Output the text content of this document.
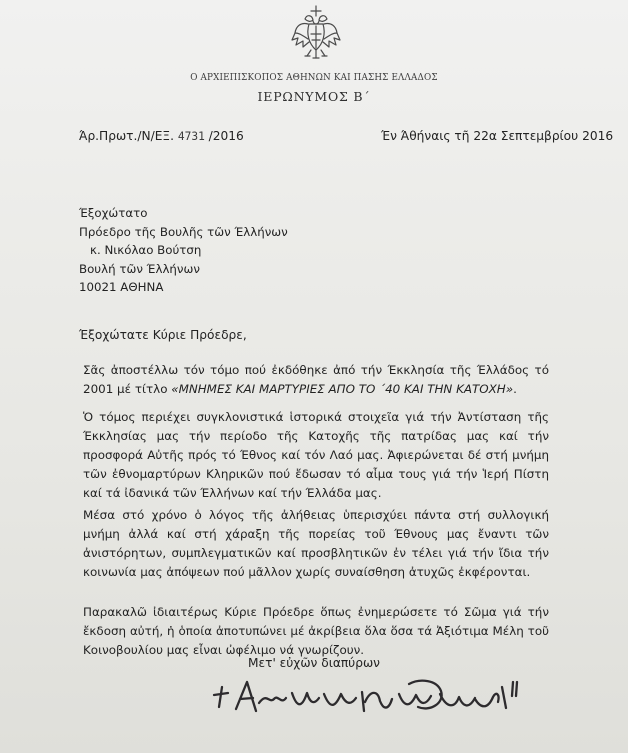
Ο ΑΡΧΙΕΠΙΣΚΟΠΟΣ ΑΘΗΝΩΝ ΚΑΙ ΠΑΣΗΣ ΕΛΛΑΔΟΣ
ΙΕΡΩΝΥΜΟΣ Β΄
Άρ.Πρωτ./Ν/ΕΞ. 4731 /2016	Έν Άθήναις τῆ 22α Σεπτεμβρίου 2016
Έξοχώτατο
Πρόεδρο τῆς Βουλῆς τῶν Έλλήνων
κ. Νικόλαο Βούτση
Βουλή τῶν Έλλήνων
10021 ΑΘΗΝΑ
Έξοχώτατε Κύριε Πρόεδρε,
Σᾶς ἀποστέλλω τόν τόμο πού ἐκδόθηκε ἀπό τήν Έκκλησία τῆς Έλλάδος τό 2001 μέ τίτλο «ΜΝΗΜΕΣ ΚΑΙ ΜΑΡΤΥΡΙΕΣ ΑΠΟ ΤΟ ΄40 ΚΑΙ ΤΗΝ ΚΑΤΟΧΗ».
Ὁ τόμος περιέχει συγκλονιστικά ἱστορικά στοιχεῖα γιά τήν Ἀντίσταση τῆς Έκκλησίας μας τήν περίοδο τῆς Κατοχῆς τῆς πατρίδας μας καί τήν προσφορά Αὐτῆς πρός τό Έθνος καί τόν Λαό μας. Ἀφιερώνεται δέ στή μνήμη τῶν ἐθνομαρτύρων Κληρικῶν πού ἔδωσαν τό αἷμα τους γιά τήν Ἱερή Πίστη καί τά ἰδανικά τῶν Έλλήνων καί τήν Έλλάδα μας.
Μέσα στό χρόνο ὁ λόγος τῆς ἀλήθειας ὑπερισχύει πάντα στή συλλογική μνήμη ἀλλά καί στή χάραξη τῆς πορείας τοῦ Έθνους μας ἔναντι τῶν ἀνιστόρητων, συμπλεγματικῶν καί προσβλητικῶν ἐν τέλει γιά τήν ἴδια τήν κοινωνία μας ἀπόψεων πού μᾶλλον χωρίς συναίσθηση ἀτυχῶς ἐκφέρονται.
Παρακαλῶ ἰδιαιτέρως Κύριε Πρόεδρε ὅπως ἐνημερώσετε τό Σῶμα γιά τήν ἔκδοση αὐτή, ἡ ὁποία ἀποτυπώνει μέ ἀκρίβεια ὅλα ὅσα τά Ἀξιότιμα Μέλη τοῦ Κοινοβουλίου μας εἶναι ὠφέλιμο νά γνωρίζουν.
Μετ' εὐχῶν διαπύρων
